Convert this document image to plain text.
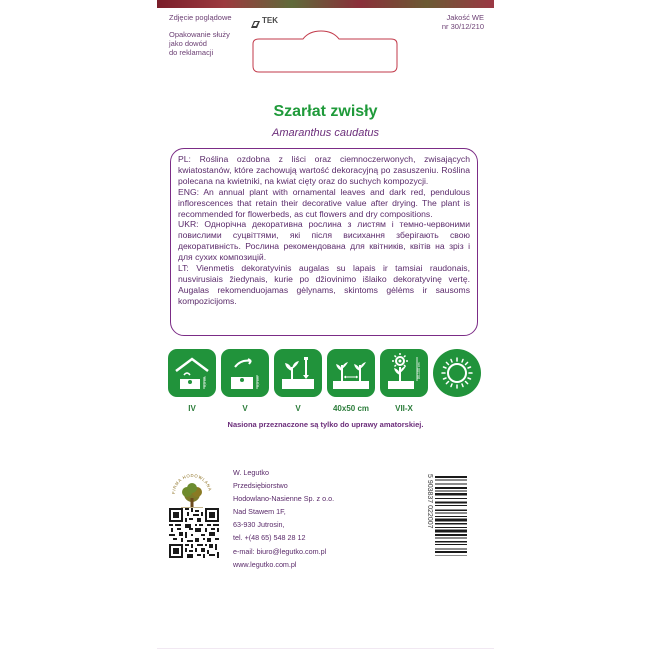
Zdjęcie poglądowe	TEK	Jakość WE
nr 30/12/210
Opakowanie służy
jako dowód
do reklamacji
Szarłat zwisły
Amaranthus caudatus

PL: Roślina ozdobna z liści oraz ciemnoczerwonych, zwisających kwiatostanów, które zachowują wartość dekoracyjną po zasuszeniu. Roślina polecana na kwietniki, na kwiat cięty oraz do suchych kompozycji.

ENG: An annual plant with ornamental leaves and dark red, pendulous inflorescences that retain their decorative value after drying. The plant is recommended for flowerbeds, as cut flowers and dry compositions.

UKR: Однорічна декоративна рослина з листям і темно-червоними повислими суцвіттями, які після висихання зберігають свою декоративність. Рослина рекомендована для квітників, квітів на зріз і для сухих композицій.

LT: Vienmetis dekoratyvinis augalas su lapais ir tamsiai raudonais, nusvirusiais žiedynais, kurie po džiovinimo išlaiko dekoratyvinę vertę. Augalas rekomenduojamas gėlynams, skintoms gėlėms ir sausoms kompozicijoms.

0,5 cm	0,5 cm
80-100 cm
IV	V	V	40x50 cm	VII-X
Nasiona przeznaczone są tylko do uprawy amatorskiej.
FIRMA HODOWLANA
W. Legutko
Przedsiębiorstwo
Hodowlano-Nasienne Sp. z o.o.
Nad Stawem 1F,
63-930 Jutrosin,
tel. +(48 65) 548 28 12
e-mail: biuro@legutko.com.pl
www.legutko.com.pl
5 903837 022007
